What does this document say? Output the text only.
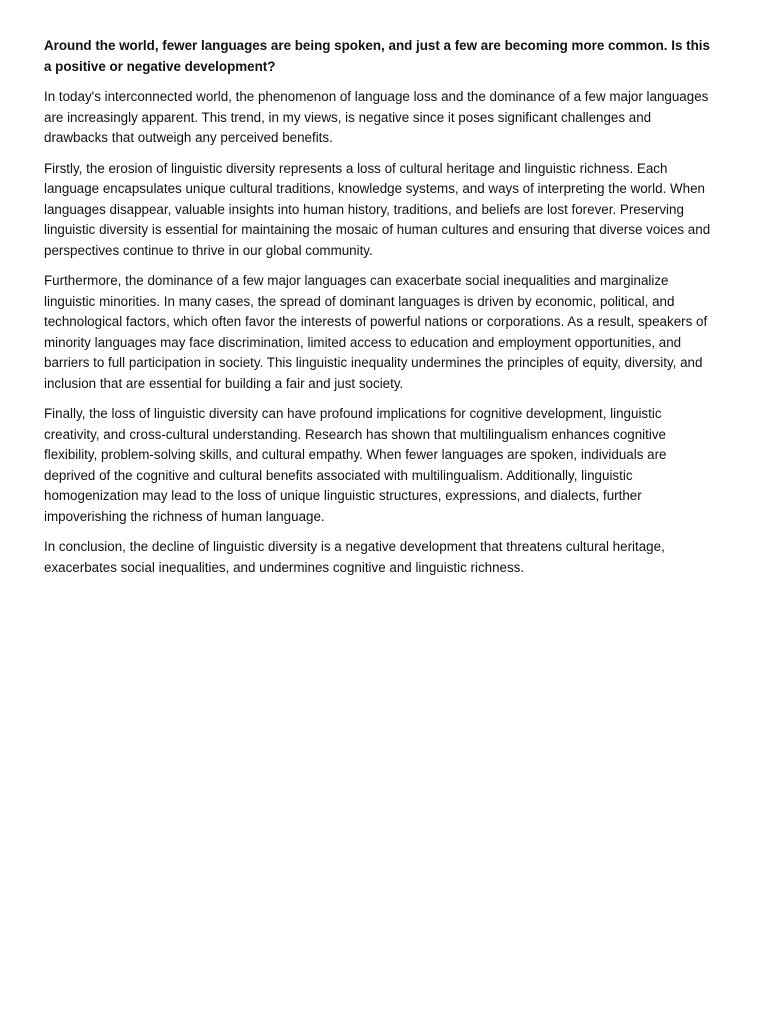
Around the world, fewer languages are being spoken, and just a few are becoming more common. Is this a positive or negative development?

In today's interconnected world, the phenomenon of language loss and the dominance of a few major languages are increasingly apparent. This trend, in my views, is negative since it poses significant challenges and drawbacks that outweigh any perceived benefits.

Firstly, the erosion of linguistic diversity represents a loss of cultural heritage and linguistic richness. Each language encapsulates unique cultural traditions, knowledge systems, and ways of interpreting the world. When languages disappear, valuable insights into human history, traditions, and beliefs are lost forever. Preserving linguistic diversity is essential for maintaining the mosaic of human cultures and ensuring that diverse voices and perspectives continue to thrive in our global community.

Furthermore, the dominance of a few major languages can exacerbate social inequalities and marginalize linguistic minorities. In many cases, the spread of dominant languages is driven by economic, political, and technological factors, which often favor the interests of powerful nations or corporations. As a result, speakers of minority languages may face discrimination, limited access to education and employment opportunities, and barriers to full participation in society. This linguistic inequality undermines the principles of equity, diversity, and inclusion that are essential for building a fair and just society.

Finally, the loss of linguistic diversity can have profound implications for cognitive development, linguistic creativity, and cross-cultural understanding. Research has shown that multilingualism enhances cognitive flexibility, problem-solving skills, and cultural empathy. When fewer languages are spoken, individuals are deprived of the cognitive and cultural benefits associated with multilingualism. Additionally, linguistic homogenization may lead to the loss of unique linguistic structures, expressions, and dialects, further impoverishing the richness of human language.

In conclusion, the decline of linguistic diversity is a negative development that threatens cultural heritage, exacerbates social inequalities, and undermines cognitive and linguistic richness.
